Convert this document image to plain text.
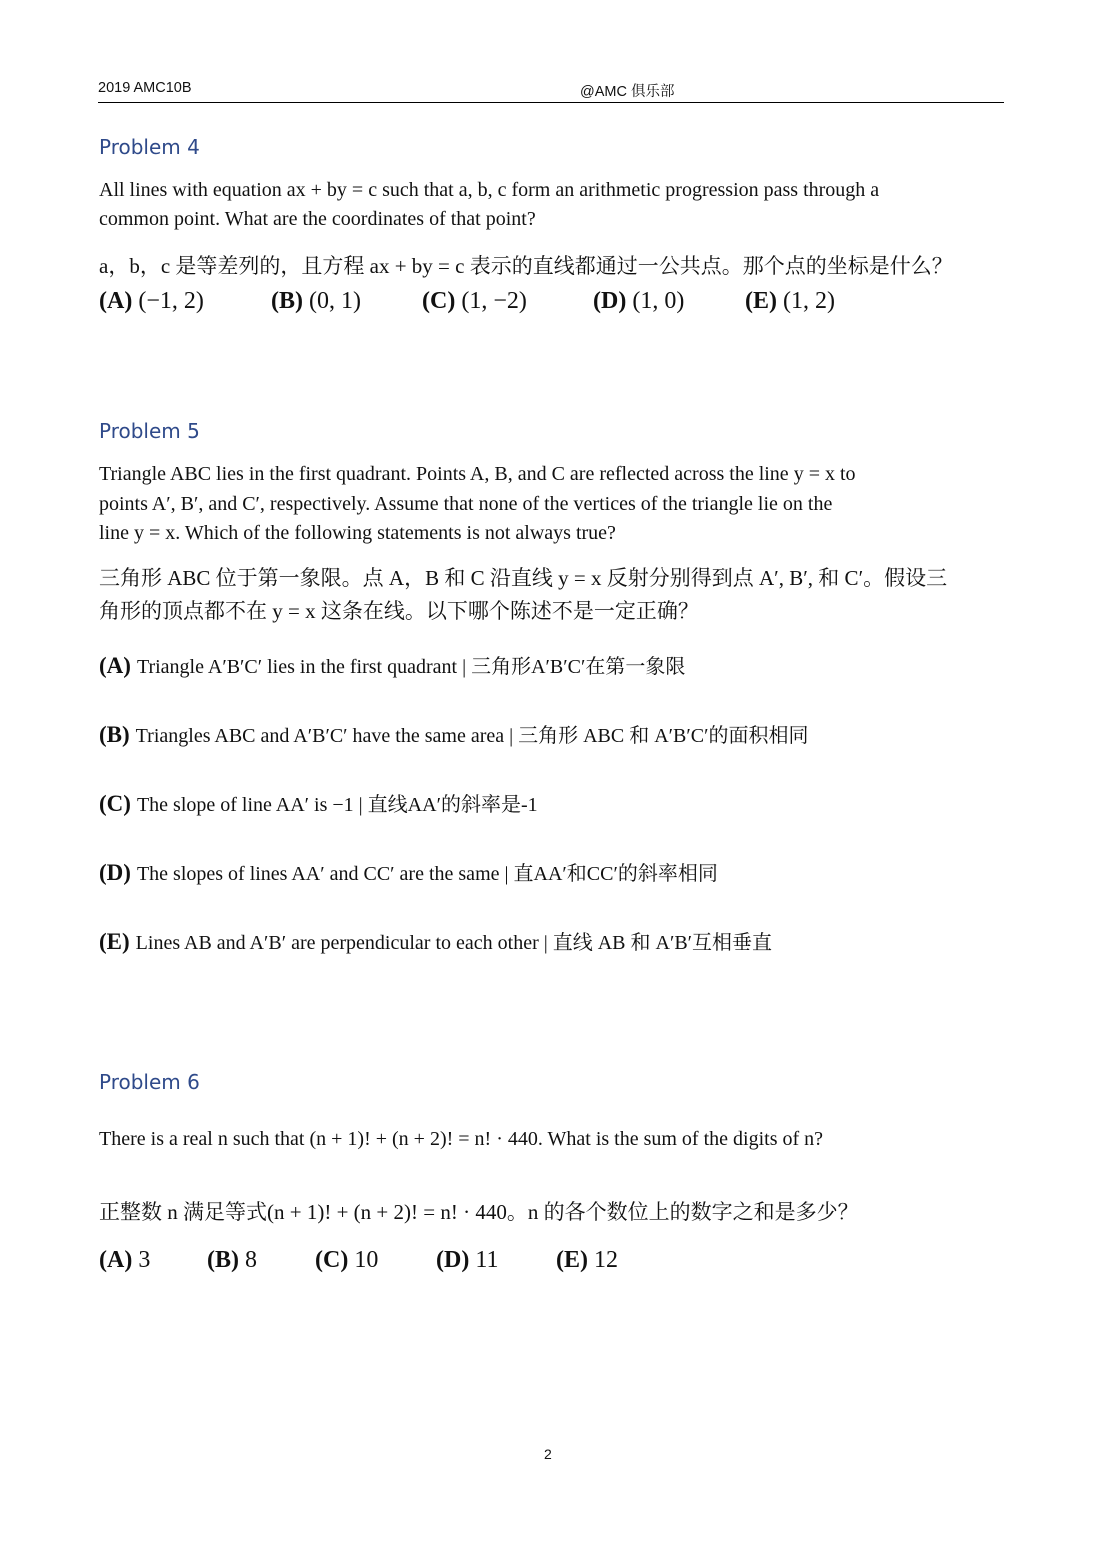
2019 AMC10B	@AMC 俱乐部
Problem 4
All lines with equation ax + by = c such that a, b, c form an arithmetic progression pass through a
common point. What are the coordinates of that point?
a，b，c 是等差列的，且方程 ax + by = c 表示的直线都通过一公共点。那个点的坐标是什么？
(A) (−1, 2)	(B) (0, 1)	(C) (1, −2)	(D) (1, 0)	(E) (1, 2)
Problem 5
Triangle ABC lies in the first quadrant. Points A, B, and C are reflected across the line y = x to
points A′, B′, and C′, respectively. Assume that none of the vertices of the triangle lie on the
line y = x. Which of the following statements is not always true?
三角形 ABC 位于第一象限。点 A，B 和 C 沿直线 y = x 反射分别得到点 A′, B′, 和 C′。假设三
角形的顶点都不在 y = x 这条在线。以下哪个陈述不是一定正确？
(A) Triangle A′B′C′ lies in the first quadrant | 三角形A′B′C′在第一象限
(B) Triangles ABC and A′B′C′ have the same area | 三角形 ABC 和 A′B′C′的面积相同
(C) The slope of line AA′ is −1 | 直线AA′的斜率是-1
(D) The slopes of lines AA′ and CC′ are the same | 直AA′和CC′的斜率相同
(E) Lines AB and A′B′ are perpendicular to each other | 直线 AB 和 A′B′互相垂直
Problem 6
There is a real n such that (n + 1)! + (n + 2)! = n! · 440. What is the sum of the digits of n?
正整数 n 满足等式(n + 1)! + (n + 2)! = n! · 440。n 的各个数位上的数字之和是多少？
(A) 3 (B) 8 (C) 10 (D) 11 (E) 12
2
